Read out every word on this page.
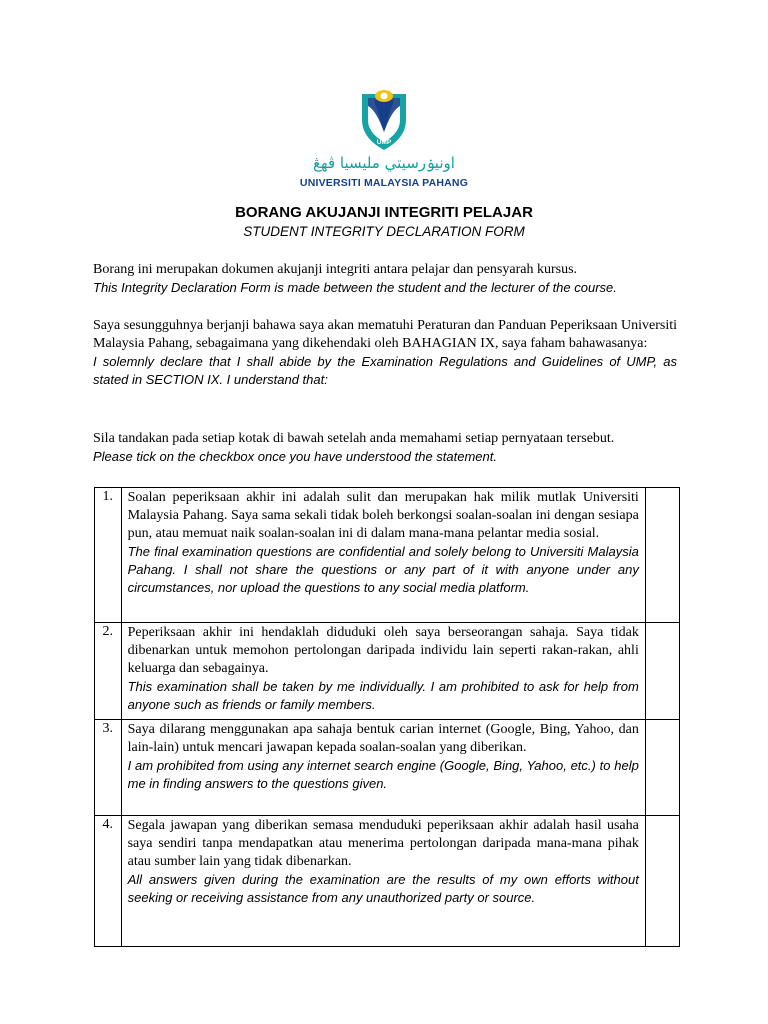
UMP
اونيۏرسيتي مليسيا ڤهڠ
UNIVERSITI MALAYSIA PAHANG
BORANG AKUJANJI INTEGRITI PELAJAR
STUDENT INTEGRITY DECLARATION FORM

Borang ini merupakan dokumen akujanji integriti antara pelajar dan pensyarah kursus.

This Integrity Declaration Form is made between the student and the lecturer of the course.

Saya sesungguhnya berjanji bahawa saya akan mematuhi Peraturan dan Panduan Peperiksaan Universiti Malaysia Pahang, sebagaimana yang dikehendaki oleh BAHAGIAN IX, saya faham bahawasanya:

I solemnly declare that I shall abide by the Examination Regulations and Guidelines of UMP, as stated in SECTION IX. I understand that:

Sila tandakan pada setiap kotak di bawah setelah anda memahami setiap pernyataan tersebut.

Please tick on the checkbox once you have understood the statement.

1.	Soalan peperiksaan akhir ini adalah sulit dan merupakan hak milik mutlak Universiti Malaysia Pahang. Saya sama sekali tidak boleh berkongsi soalan-soalan ini dengan sesiapa pun, atau memuat naik soalan-soalan ini di dalam mana-mana pelantar media sosial.

The final examination questions are confidential and solely belong to Universiti Malaysia Pahang. I shall not share the questions or any part of it with anyone under any circumstances, nor upload the questions to any social media platform.	

2.	Peperiksaan akhir ini hendaklah diduduki oleh saya berseorangan sahaja. Saya tidak dibenarkan untuk memohon pertolongan daripada individu lain seperti rakan-rakan, ahli keluarga dan sebagainya.

This examination shall be taken by me individually. I am prohibited to ask for help from anyone such as friends or family members.	

3.	Saya dilarang menggunakan apa sahaja bentuk carian internet (Google, Bing, Yahoo, dan lain-lain) untuk mencari jawapan kepada soalan-soalan yang diberikan.

I am prohibited from using any internet search engine (Google, Bing, Yahoo, etc.) to help me in finding answers to the questions given.	

4.	Segala jawapan yang diberikan semasa menduduki peperiksaan akhir adalah hasil usaha saya sendiri tanpa mendapatkan atau menerima pertolongan daripada mana-mana pihak atau sumber lain yang tidak dibenarkan.

All answers given during the examination are the results of my own efforts without seeking or receiving assistance from any unauthorized party or source.	
